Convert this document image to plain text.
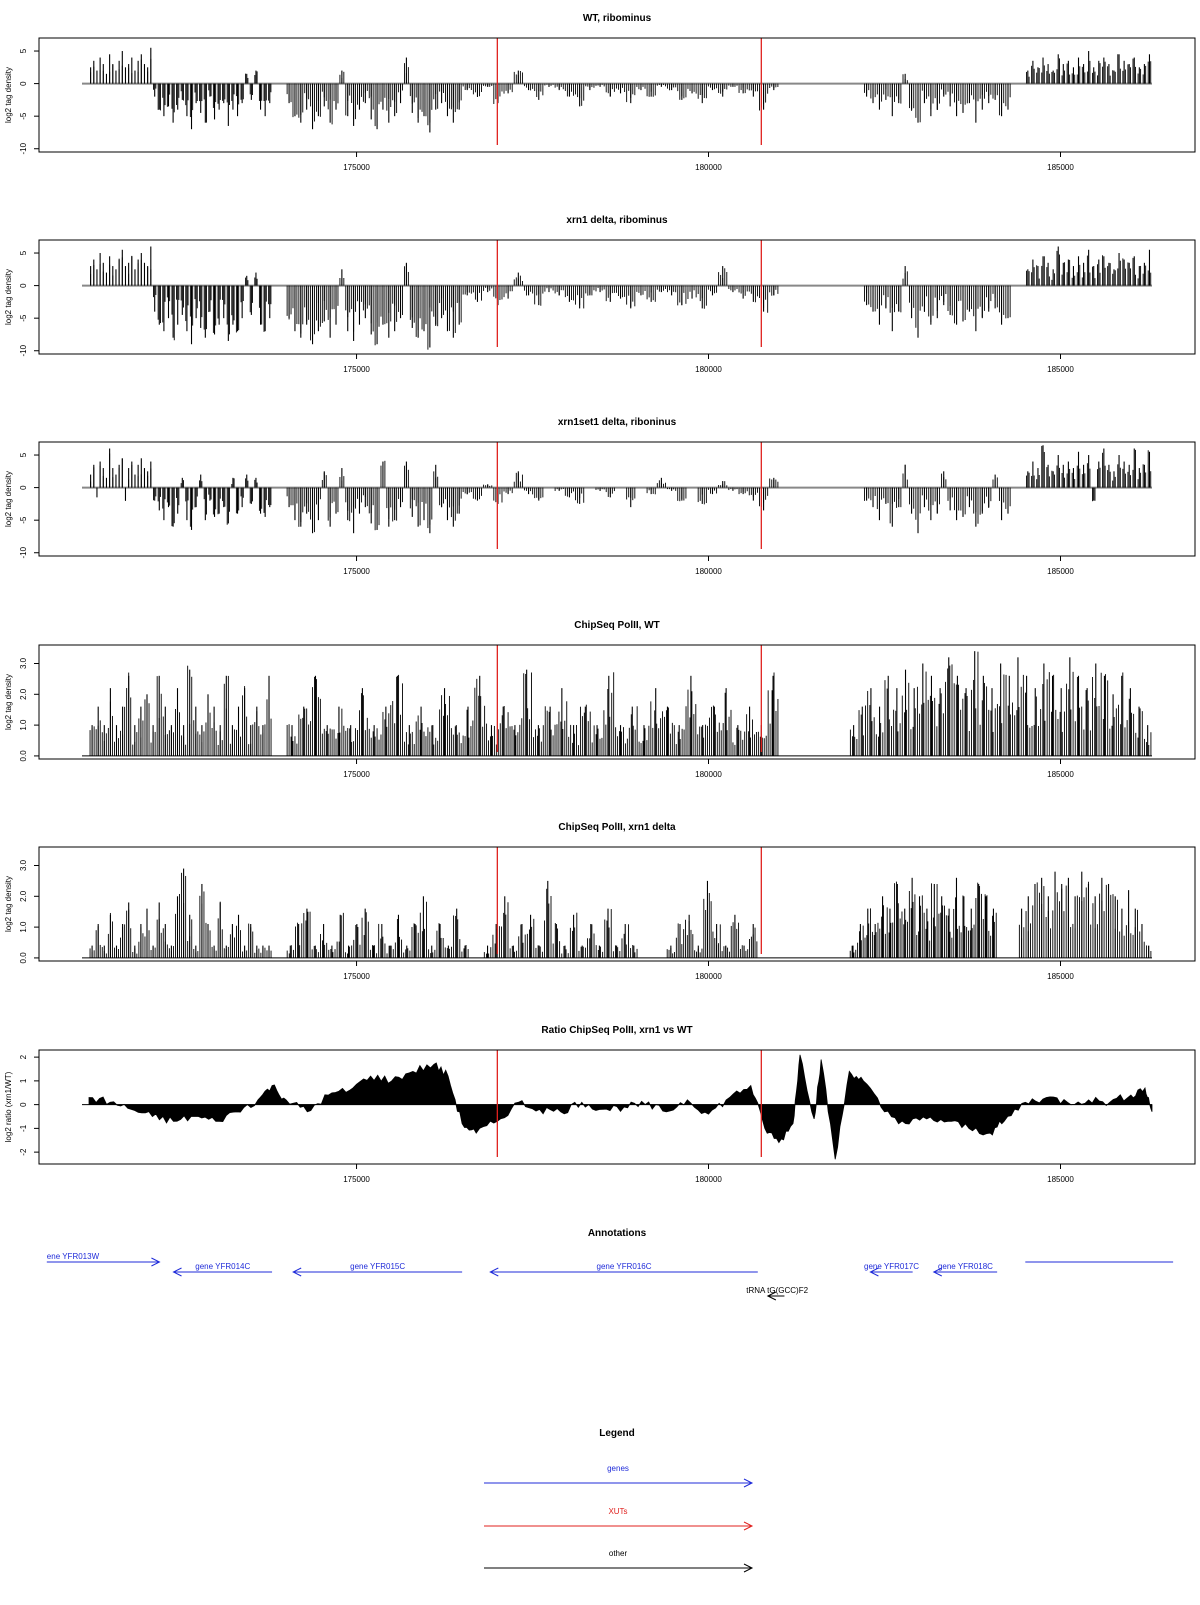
WT, ribominus
log2 tag density
-10
-5
0
5
175000	180000	185000
xrn1 delta, ribominus
log2 tag density
-10
-5
0
5
175000	180000	185000
xrn1set1 delta, riboninus
log2 tag density
-10
-5
0
5
175000	180000	185000
ChipSeq PolII, WT
log2 tag density
0.0
1.0
2.0
3.0
175000	180000	185000
ChipSeq PolII, xrn1 delta
log2 tag density
0.0
1.0
2.0
3.0
175000	180000	185000
Ratio ChipSeq PolII, xrn1 vs WT
log2 ratio (xrn1/WT)
-2
-1
0
1
2
175000	180000	185000
Annotations
ene YFR013W
gene YFR014C	gene YFR015C	gene YFR016C	gene YFR017C gene YFR018C
tRNA tG(GCC)F2
Legend
genes
XUTs
other
